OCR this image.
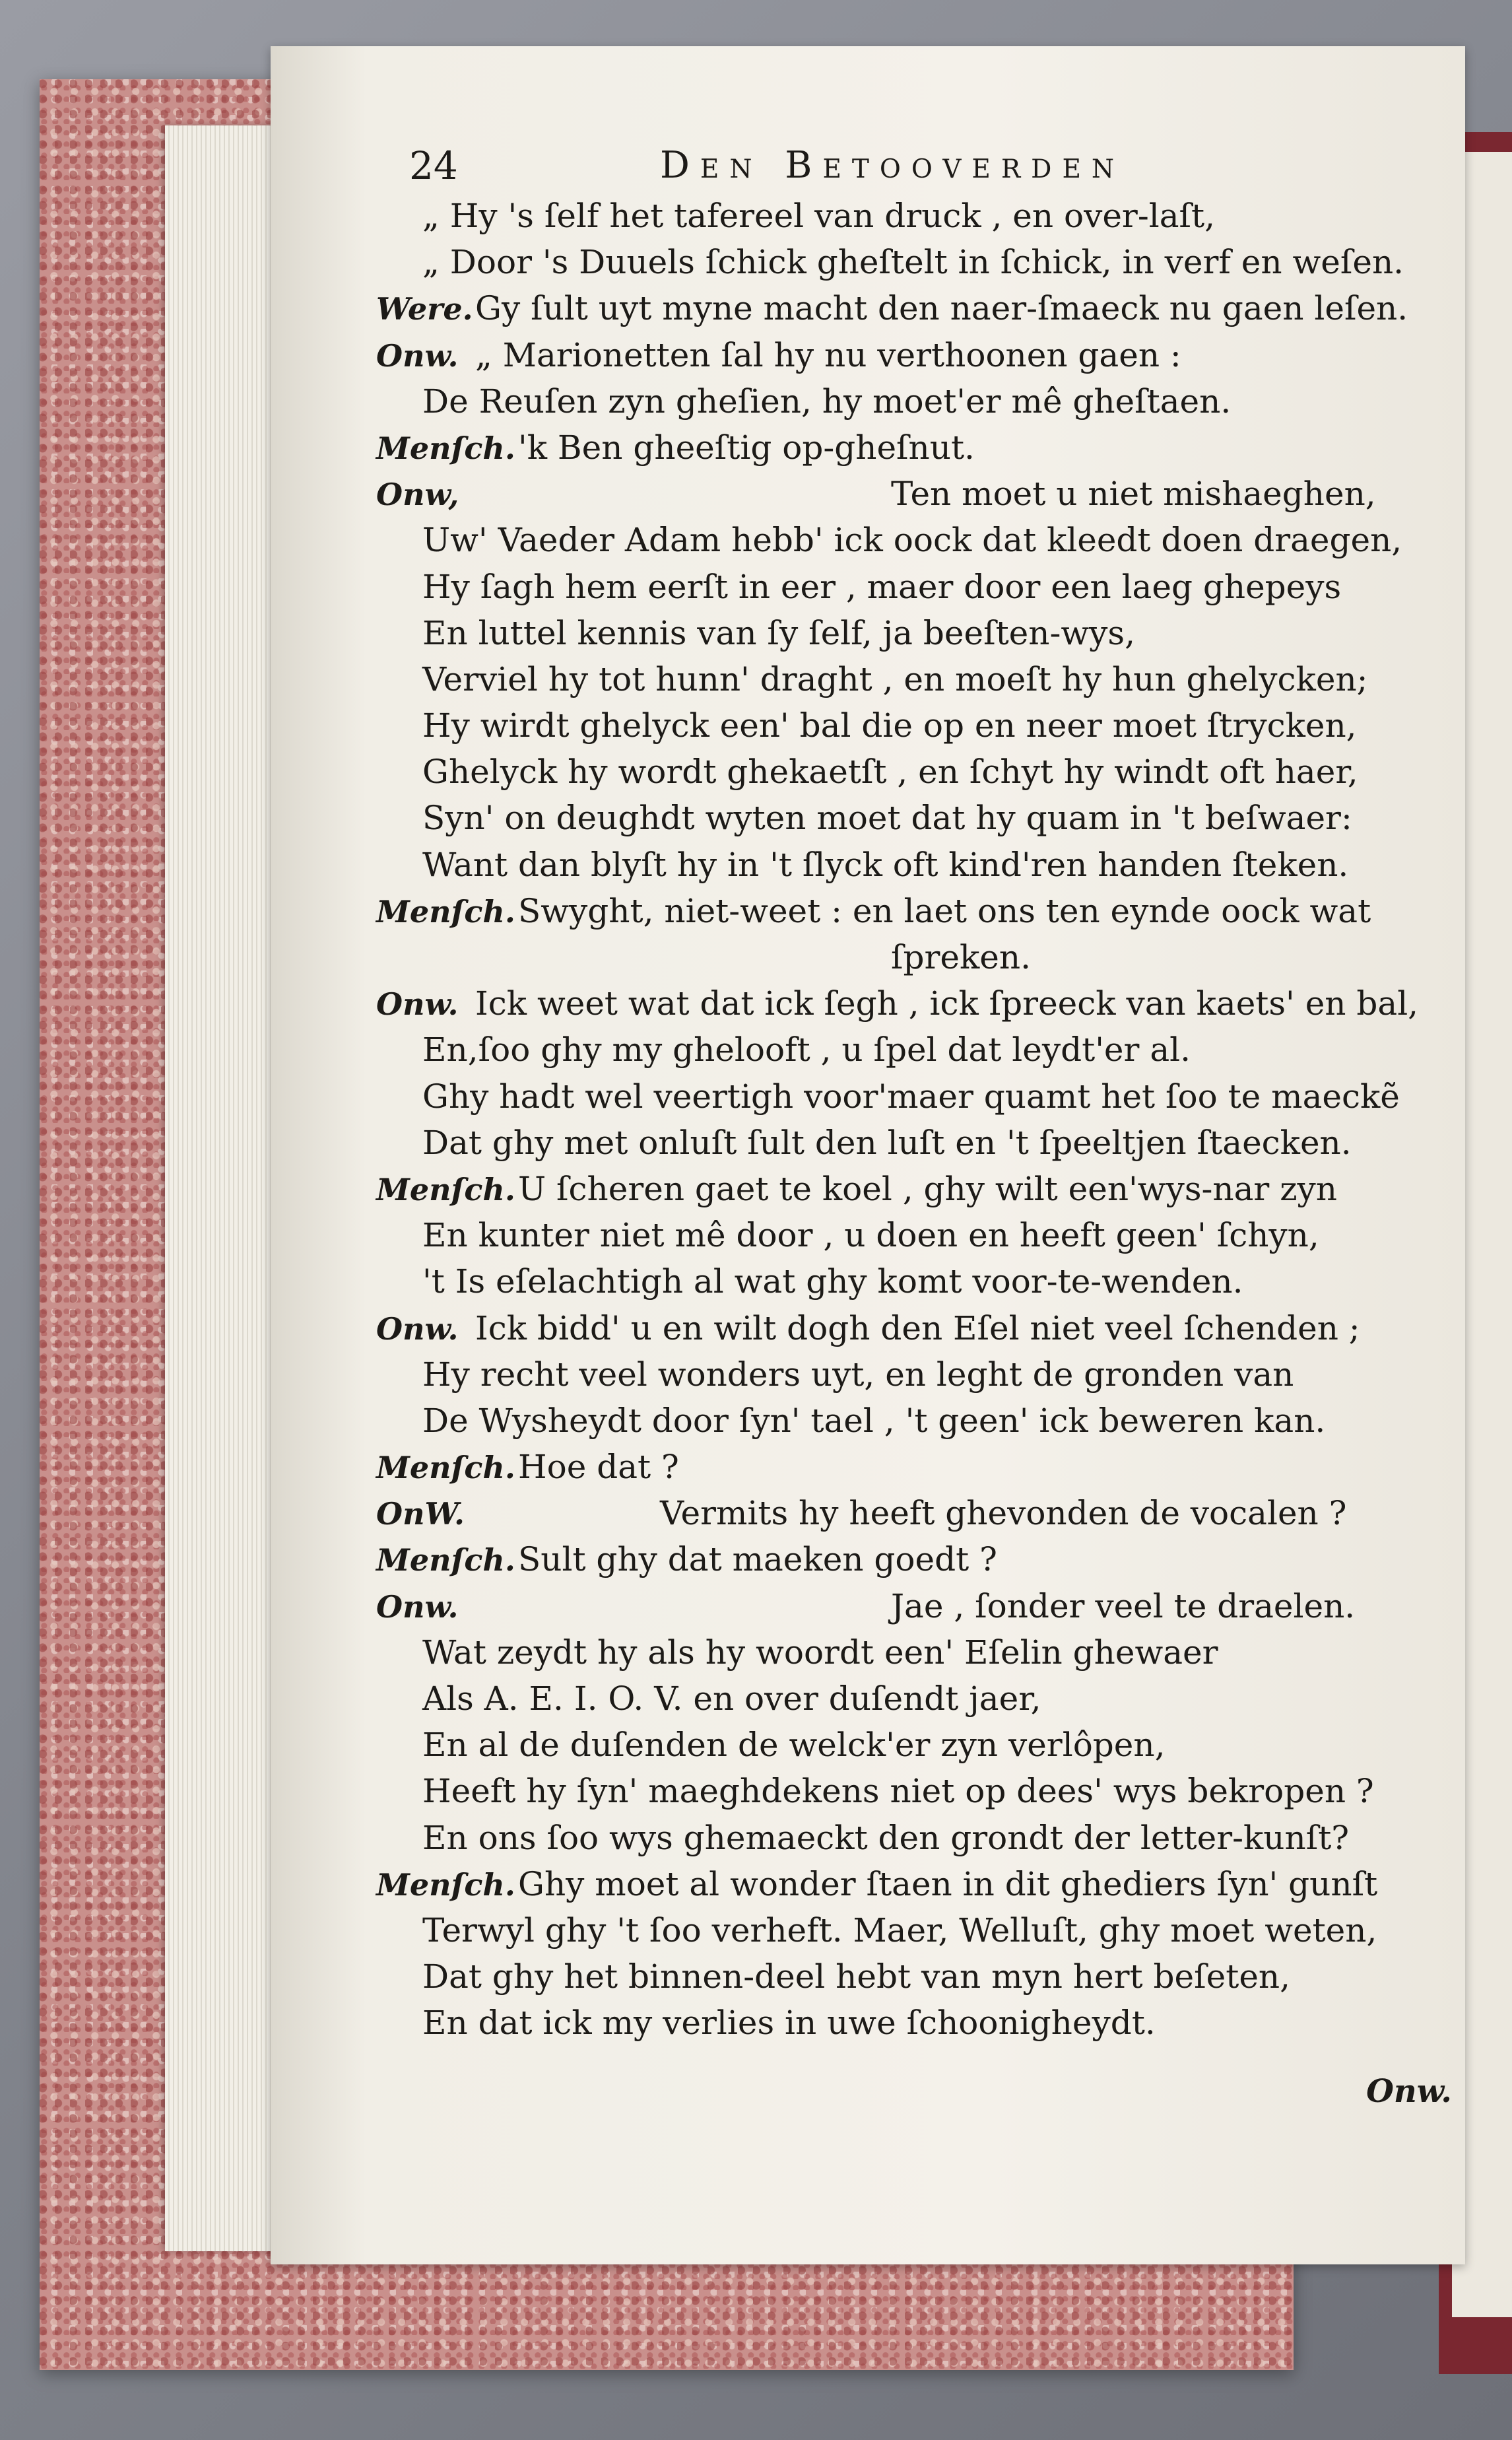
24	Den Betooverden
„ Hy 's ſelf het tafereel van druck , en over-laſt,
„ Door 's Duuels ſchick gheſtelt in ſchick, in verf en weſen.
Were. Gy ſult uyt myne macht den naer-ſmaeck nu gaen leſen.
Onw. „ Marionetten ſal hy nu verthoonen gaen :
De Reuſen zyn gheſien, hy moet'er mê gheſtaen.
Menſch. 'k Ben gheeſtig op-gheſnut.
Onw,	Ten moet u niet mishaeghen,
Uw' Vaeder Adam hebb' ick oock dat kleedt doen draegen,
Hy ſagh hem eerſt in eer , maer door een laeg ghepeys
En luttel kennis van ſy ſelf, ja beeſten-wys,
Verviel hy tot hunn' draght , en moeſt hy hun ghelycken;
Hy wirdt ghelyck een' bal die op en neer moet ſtrycken,
Ghelyck hy wordt ghekaetſt , en ſchyt hy windt oft haer,
Syn' on deughdt wyten moet dat hy quam in 't beſwaer:
Want dan blyſt hy in 't ſlyck oft kind'ren handen ſteken.
Menſch. Swyght, niet-weet : en laet ons ten eynde oock wat
ſpreken.
Onw. Ick weet wat dat ick ſegh , ick ſpreeck van kaets' en bal,
En,ſoo ghy my ghelooft , u ſpel dat leydt'er al.
Ghy hadt wel veertigh voor'maer quamt het ſoo te maeckẽ
Dat ghy met onluſt ſult den luſt en 't ſpeeltjen ſtaecken.
Menſch. U ſcheren gaet te koel , ghy wilt een'wys-nar zyn
En kunter niet mê door , u doen en heeft geen' ſchyn,
't Is eſelachtigh al wat ghy komt voor-te-wenden.
Onw. Ick bidd' u en wilt dogh den Eſel niet veel ſchenden ;
Hy recht veel wonders uyt, en leght de gronden van
De Wysheydt door ſyn' tael , 't geen' ick beweren kan.
Menſch. Hoe dat ?
OnW.	Vermits hy heeft ghevonden de vocalen ?
Menſch. Sult ghy dat maeken goedt ?
Onw.	Jae , ſonder veel te draelen.
Wat zeydt hy als hy woordt een' Eſelin ghewaer
Als A. E. I. O. V. en over duſendt jaer,
En al de duſenden de welck'er zyn verlôpen,
Heeft hy ſyn' maeghdekens niet op dees' wys bekropen ?
En ons ſoo wys ghemaeckt den grondt der letter-kunſt?
Menſch. Ghy moet al wonder ſtaen in dit ghediers ſyn' gunſt
Terwyl ghy 't ſoo verheft. Maer, Welluſt, ghy moet weten,
Dat ghy het binnen-deel hebt van myn hert beſeten,
En dat ick my verlies in uwe ſchoonigheydt.
Onw.
